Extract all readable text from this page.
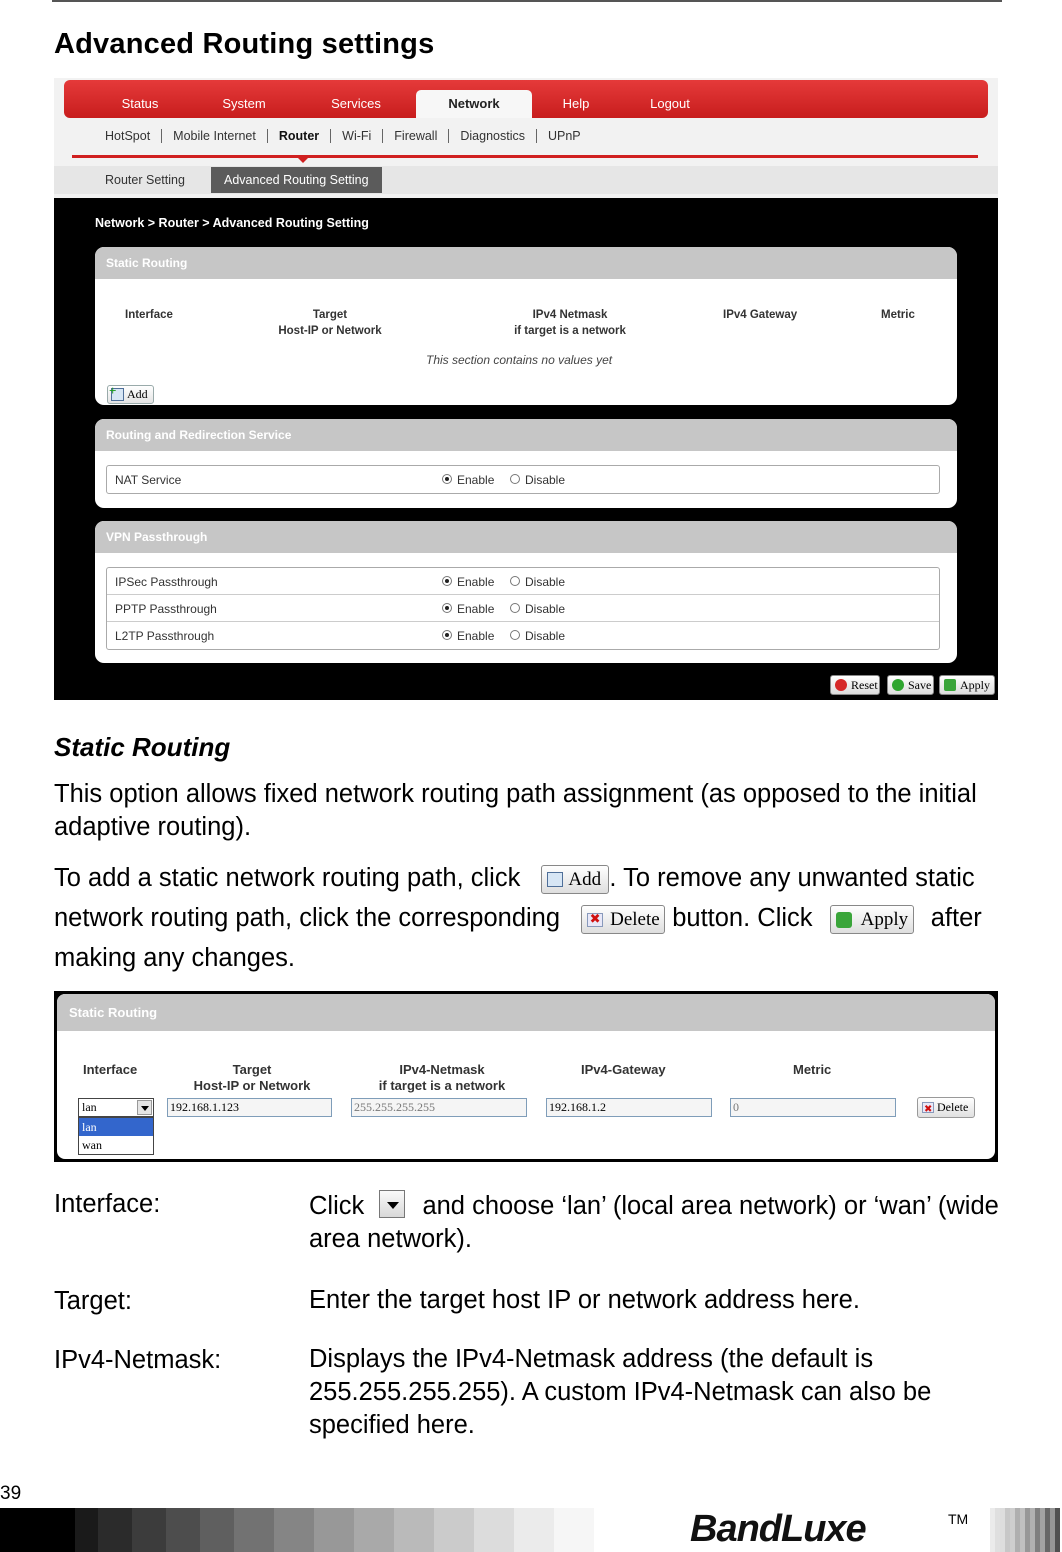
Advanced Routing settings
Status	System	Services	Network	Help	Logout
HotSpot Mobile Internet Router Wi-Fi Firewall Diagnostics UPnP
Router Setting	Advanced Routing Setting
Network > Router > Advanced Routing Setting
Static Routing
Interface	Target
Host-IP or Network
IPv4 Netmask
if target is a network
IPv4 Gateway	Metric
This section contains no values yet
+
Add
Routing and Redirection Service
NAT Service	Enable	Disable
VPN Passthrough
IPSec Passthrough	Enable	Disable
PPTP Passthrough	Enable	Disable
L2TP Passthrough	Enable	Disable
Reset	Save	Apply
Static Routing
This option allows fixed network routing path assignment (as opposed to the initial adaptive routing).
To add a static network routing path, click	Add . To remove any unwanted static network routing path, click the corresponding ✖ Delete button. Click	Apply after making any changes.
Static Routing
Interface	Target
Host-IP or Network
IPv4-Netmask
if target is a network
IPv4-Gateway	Metric
lan
lan
wan
192.168.1.123	255.255.255.255	192.168.1.2	0
✖	Delete
Interface:	Click and choose ‘lan’ (local area network) or ‘wan’ (wide area network).
Target:	Enter the target host IP or network address here.
IPv4-Netmask:	Displays the IPv4-Netmask address (the default is 255.255.255.255). A custom IPv4-Netmask can also be specified here.
39
BandLuxe	TM
